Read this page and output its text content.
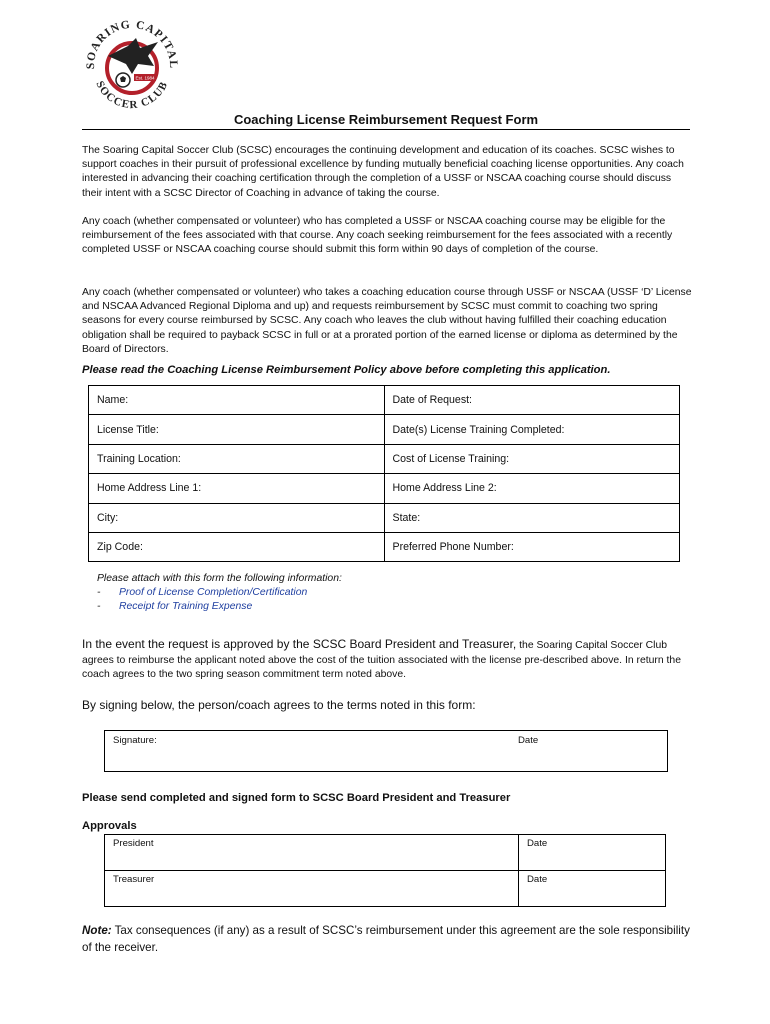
SOARING CAPITAL
SOCCER CLUB
Est. 1984
Coaching License Reimbursement Request Form

The Soaring Capital Soccer Club (SCSC) encourages the continuing development and education of its coaches. SCSC wishes to support coaches in their pursuit of professional excellence by funding mutually beneficial coaching license opportunities. Any coach interested in advancing their coaching certification through the completion of a USSF or NSCAA coaching course should discuss their intent with a SCSC Director of Coaching in advance of taking the course.

Any coach (whether compensated or volunteer) who has completed a USSF or NSCAA coaching course may be eligible for the reimbursement of the fees associated with that course. Any coach seeking reimbursement for the fees associated with a recently completed USSF or NSCAA coaching course should submit this form within 90 days of completion of the course.

Any coach (whether compensated or volunteer) who takes a coaching education course through USSF or NSCAA (USSF ‘D’ License and NSCAA Advanced Regional Diploma and up) and requests reimbursement by SCSC must commit to coaching two spring seasons for every course reimbursed by SCSC. Any coach who leaves the club without having fulfilled their coaching education obligation shall be required to payback SCSC in full or at a prorated portion of the earned license or diploma as determined by the Board of Directors.

Please read the Coaching License Reimbursement Policy above before completing this application.
Name:	Date of Request:
License Title:	Date(s) License Training Completed:
Training Location:	Cost of License Training:
Home Address Line 1:	Home Address Line 2:
City:	State:
Zip Code:	Preferred Phone Number:
Please attach with this form the following information:
- Proof of License Completion/Certification
- Receipt for Training Expense

In the event the request is approved by the SCSC Board President and Treasurer, the Soaring Capital Soccer Club agrees to reimburse the applicant noted above the cost of the tuition associated with the license pre-described above. In return the coach agrees to the two spring season commitment term noted above.

By signing below, the person/coach agrees to the terms noted in this form:
Signature:	Date
Please send completed and signed form to SCSC Board President and Treasurer
Approvals
President	Date
Treasurer	Date

Note: Tax consequences (if any) as a result of SCSC’s reimbursement under this agreement are the sole responsibility of the receiver.
